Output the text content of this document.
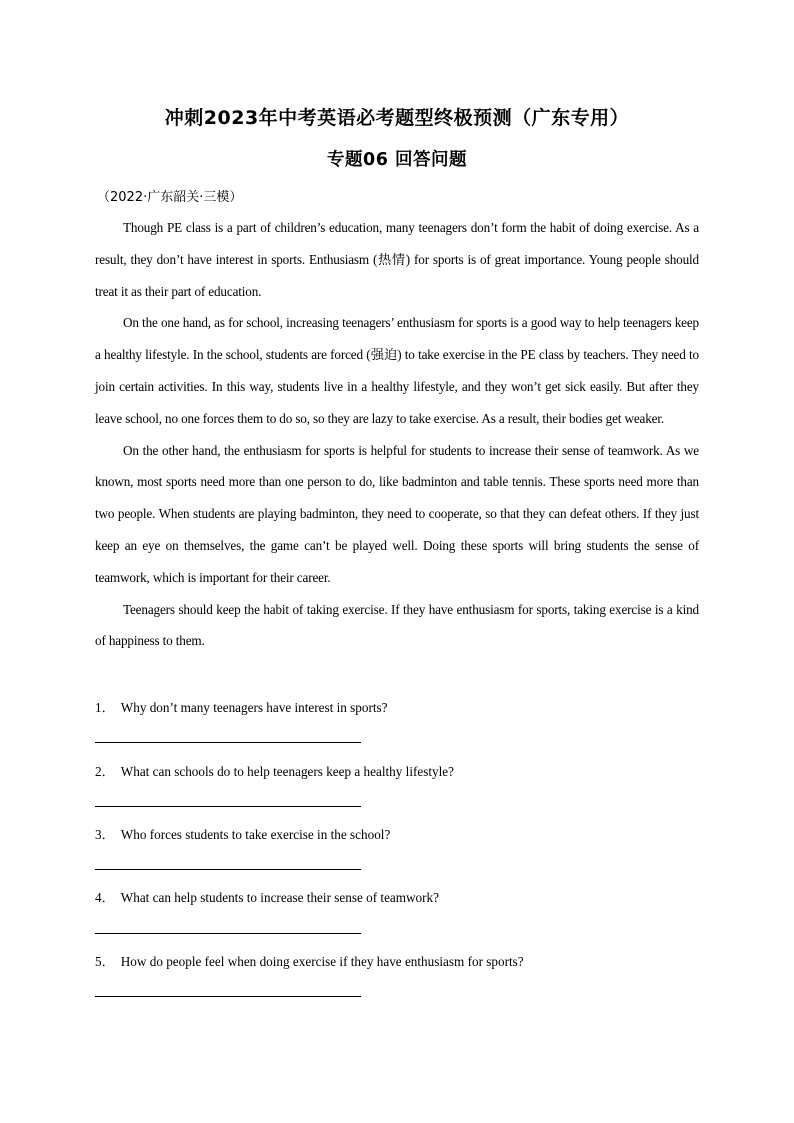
冲刺2023年中考英语必考题型终极预测（广东专用）
专题06 回答问题
（2022·广东韶关·三模）

Though PE class is a part of children’s education, many teenagers don’t form the habit of doing exercise. As a result, they don’t have interest in sports. Enthusiasm (热情) for sports is of great importance. Young people should treat it as their part of education.

On the one hand, as for school, increasing teenagers’ enthusiasm for sports is a good way to help teenagers keep a healthy lifestyle. In the school, students are forced (强迫) to take exercise in the PE class by teachers. They need to join certain activities. In this way, students live in a healthy lifestyle, and they won’t get sick easily. But after they leave school, no one forces them to do so, so they are lazy to take exercise. As a result, their bodies get weaker.

On the other hand, the enthusiasm for sports is helpful for students to increase their sense of teamwork. As we known, most sports need more than one person to do, like badminton and table tennis. These sports need more than two people. When students are playing badminton, they need to cooperate, so that they can defeat others. If they just keep an eye on themselves, the game can’t be played well. Doing these sports will bring students the sense of teamwork, which is important for their career.

Teenagers should keep the habit of taking exercise. If they have enthusiasm for sports, taking exercise is a kind of happiness to them.

1． Why don’t many teenagers have interest in sports?
2． What can schools do to help teenagers keep a healthy lifestyle?
3． Who forces students to take exercise in the school?
4． What can help students to increase their sense of teamwork?
5． How do people feel when doing exercise if they have enthusiasm for sports?
